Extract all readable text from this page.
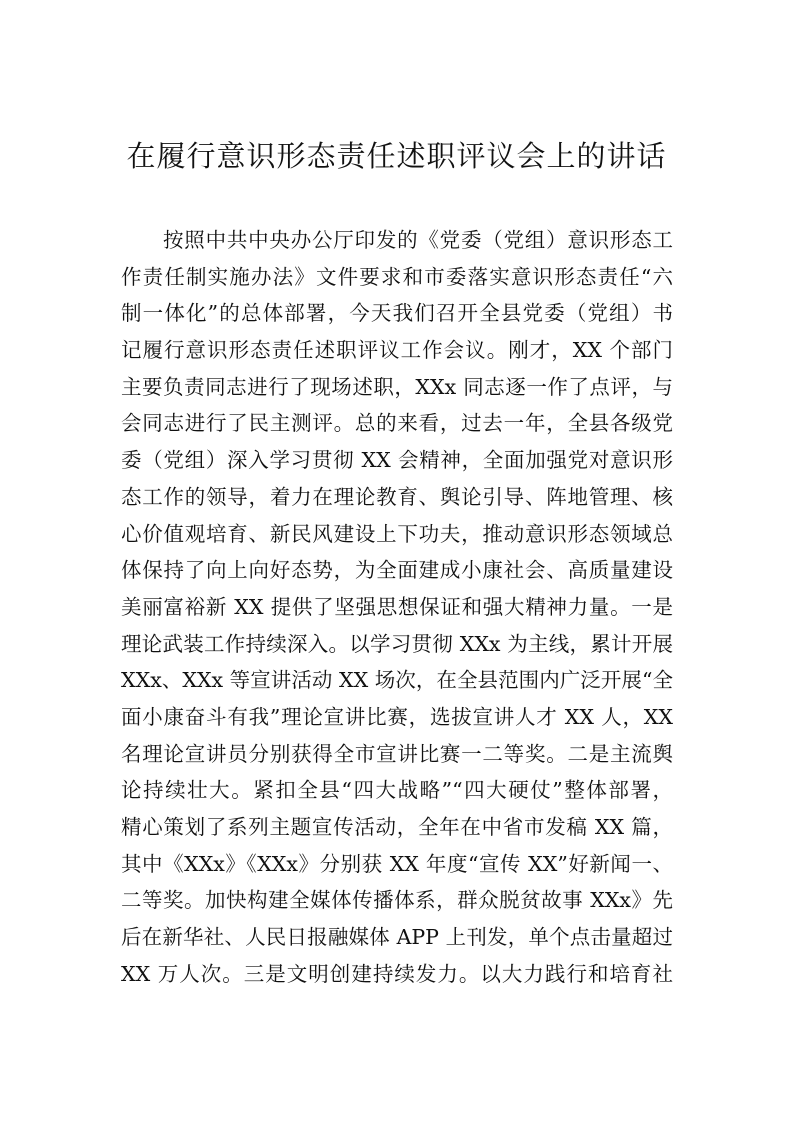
在履行意识形态责任述职评议会上的讲话
按照中共中央办公厅印发的《党委（党组）意识形态工
作责任制实施办法》文件要求和市委落实意识形态责任“六
制一体化”的总体部署，今天我们召开全县党委（党组）书
记履行意识形态责任述职评议工作会议。刚才，XX 个部门
主要负责同志进行了现场述职，XXx 同志逐一作了点评，与
会同志进行了民主测评。总的来看，过去一年，全县各级党
委（党组）深入学习贯彻 XX 会精神，全面加强党对意识形
态工作的领导，着力在理论教育、舆论引导、阵地管理、核
心价值观培育、新民风建设上下功夫，推动意识形态领域总
体保持了向上向好态势，为全面建成小康社会、高质量建设
美丽富裕新 XX 提供了坚强思想保证和强大精神力量。一是
理论武装工作持续深入。以学习贯彻 XXx 为主线，累计开展
XXx、XXx 等宣讲活动 XX 场次，在全县范围内广泛开展“全
面小康奋斗有我”理论宣讲比赛，选拔宣讲人才 XX 人，XX
名理论宣讲员分别获得全市宣讲比赛一二等奖。二是主流舆
论持续壮大。紧扣全县“四大战略”“四大硬仗”整体部署，
精心策划了系列主题宣传活动，全年在中省市发稿 XX 篇，
其中《XXx》《XXx》分别获 XX 年度“宣传 XX”好新闻一、
二等奖。加快构建全媒体传播体系，群众脱贫故事 XXx》先
后在新华社、人民日报融媒体 APP 上刊发，单个点击量超过
XX 万人次。三是文明创建持续发力。以大力践行和培育社
